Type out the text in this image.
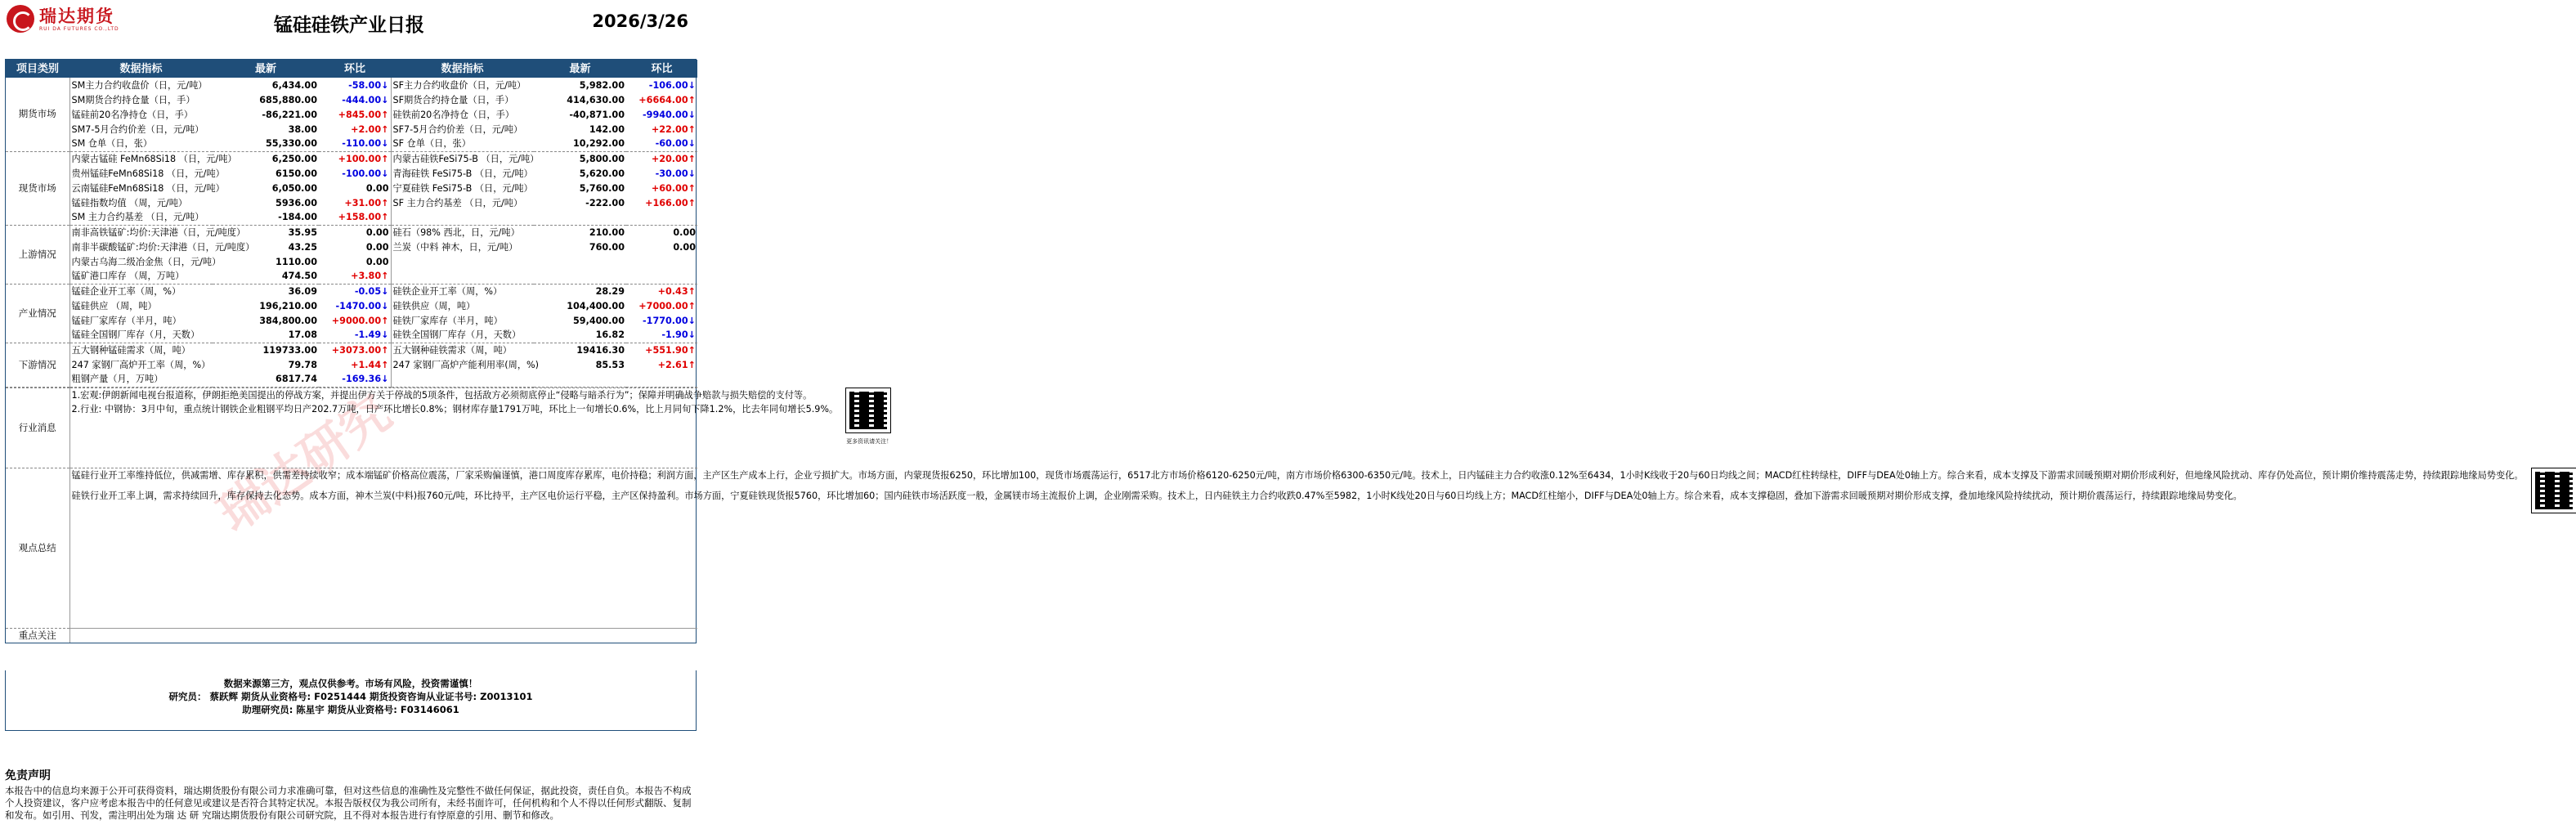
瑞达期货
RUI DA FUTURES CO.,LTD	锰硅硅铁产业日报	2026/3/26
瑞达研究
项目类别	数据指标	最新	环比	数据指标	最新	环比
期货市场	SM主力合约收盘价（日，元/吨）	6,434.00	-58.00↓	SF主力合约收盘价（日，元/吨）	5,982.00	-106.00↓
	SM期货合约持仓量（日，手）	685,880.00	-444.00↓	SF期货合约持仓量（日，手）	414,630.00	+6664.00↑
	锰硅前20名净持仓（日，手）	-86,221.00	+845.00↑	硅铁前20名净持仓（日，手）	-40,871.00	-9940.00↓
	SM7-5月合约价差（日，元/吨）	38.00	+2.00↑	SF7-5月合约价差（日，元/吨）	142.00	+22.00↑
	SM 仓单（日，张）	55,330.00	-110.00↓	SF 仓单（日，张）	10,292.00	-60.00↓
现货市场	内蒙古锰硅 FeMn68Si18 （日，元/吨）	6,250.00	+100.00↑	内蒙古硅铁FeSi75-B （日，元/吨）	5,800.00	+20.00↑
	贵州锰硅FeMn68Si18 （日，元/吨）	6150.00	-100.00↓	青海硅铁 FeSi75-B （日，元/吨）	5,620.00	-30.00↓
	云南锰硅FeMn68Si18 （日，元/吨）	6,050.00	0.00	宁夏硅铁 FeSi75-B （日，元/吨）	5,760.00	+60.00↑
	锰硅指数均值 （周，元/吨）	5936.00	+31.00↑	SF 主力合约基差 （日，元/吨）	-222.00	+166.00↑
	SM 主力合约基差 （日，元/吨）	-184.00	+158.00↑			
上游情况	南非高铁锰矿:均价:天津港（日，元/吨度）	35.95	0.00	硅石（98% 西北，日，元/吨）	210.00	0.00
	南非半碳酸锰矿:均价:天津港（日，元/吨度）	43.25	0.00	兰炭（中料 神木，日，元/吨）	760.00	0.00
	内蒙古乌海二级冶金焦（日，元/吨）	1110.00	0.00			
	锰矿港口库存 （周，万吨）	474.50	+3.80↑			
产业情况	锰硅企业开工率（周，%）	36.09	-0.05↓	硅铁企业开工率（周，%）	28.29	+0.43↑
	锰硅供应 （周，吨）	196,210.00	-1470.00↓	硅铁供应（周，吨）	104,400.00	+7000.00↑
	锰硅厂家库存（半月，吨）	384,800.00	+9000.00↑	硅铁厂家库存（半月，吨）	59,400.00	-1770.00↓
	锰硅全国钢厂库存（月，天数）	17.08	-1.49↓	硅铁全国钢厂库存（月，天数）	16.82	-1.90↓
下游情况	五大钢种锰硅需求（周，吨）	119733.00	+3073.00↑	五大钢种硅铁需求（周，吨）	19416.30	+551.90↑
	247 家钢厂高炉开工率（周，%）	79.78	+1.44↑	247 家钢厂高炉产能利用率(周，%)	85.53	+2.61↑
	粗钢产量（月，万吨）	6817.74	-169.36↓			
行业消息	1.宏观:伊朗新闻电视台报道称，伊朗拒绝美国提出的停战方案，并提出伊方关于停战的5项条件，包括敌方必须彻底停止“侵略与暗杀行为”；保障并明确战争赔款与损失赔偿的支付等。
2.行业: 中钢协：3月中旬，重点统计钢铁企业粗钢平均日产202.7万吨，日产环比增长0.8%；钢材库存量1791万吨，环比上一旬增长0.6%，比上月同旬下降1.2%，比去年同旬增长5.9%。
更多资讯请关注！

观点总结	锰硅行业开工率维持低位，供减需增、库存累积，供需差持续收窄；成本端锰矿价格高位震荡，厂家采购偏谨慎，港口周度库存累库，电价持稳；利润方面，主产区生产成本上行，企业亏损扩大。市场方面，内蒙现货报6250，环比增加100，现货市场震荡运行，6517北方市场价格6120-6250元/吨，南方市场价格6300-6350元/吨。技术上，日内锰硅主力合约收涨0.12%至6434，1小时K线收于20与60日均线之间；MACD红柱转绿柱，DIFF与DEA处0轴上方。综合来看，成本支撑及下游需求回暖预期对期价形成利好，但地缘风险扰动、库存仍处高位，预计期价维持震荡走势，持续跟踪地缘局势变化。
硅铁行业开工率上调，需求持续回升，库存保持去化态势。成本方面，神木兰炭(中料)报760元/吨，环比持平，主产区电价运行平稳，主产区保持盈利。市场方面，宁夏硅铁现货报5760，环比增加60；国内硅铁市场活跃度一般，金属镁市场主流报价上调，企业刚需采购。技术上，日内硅铁主力合约收跌0.47%至5982，1小时K线处20日与60日均线上方；MACD红柱缩小，DIFF与DEA处0轴上方。综合来看，成本支撑稳固，叠加下游需求回暖预期对期价形成支撑，叠加地缘风险持续扰动，预计期价震荡运行，持续跟踪地缘局势变化。

重点关注	
数据来源第三方，观点仅供参考。市场有风险，投资需谨慎！
研究员： 蔡跃辉 期货从业资格号: F0251444 期货投资咨询从业证书号: Z0013101
助理研究员: 陈星宇 期货从业资格号: F03146061
免责声明
本报告中的信息均来源于公开可获得资料，瑞达期货股份有限公司力求准确可靠，但对这些信息的准确性及完整性不做任何保证，据此投资，责任自负。本报告不构成个人投资建议，客户应考虑本报告中的任何意见或建议是否符合其特定状况。本报告版权仅为我公司所有，未经书面许可，任何机构和个人不得以任何形式翻版、复制和发布。如引用、刊发，需注明出处为瑞 达 研 究瑞达期货股份有限公司研究院，且不得对本报告进行有悖原意的引用、删节和修改。
